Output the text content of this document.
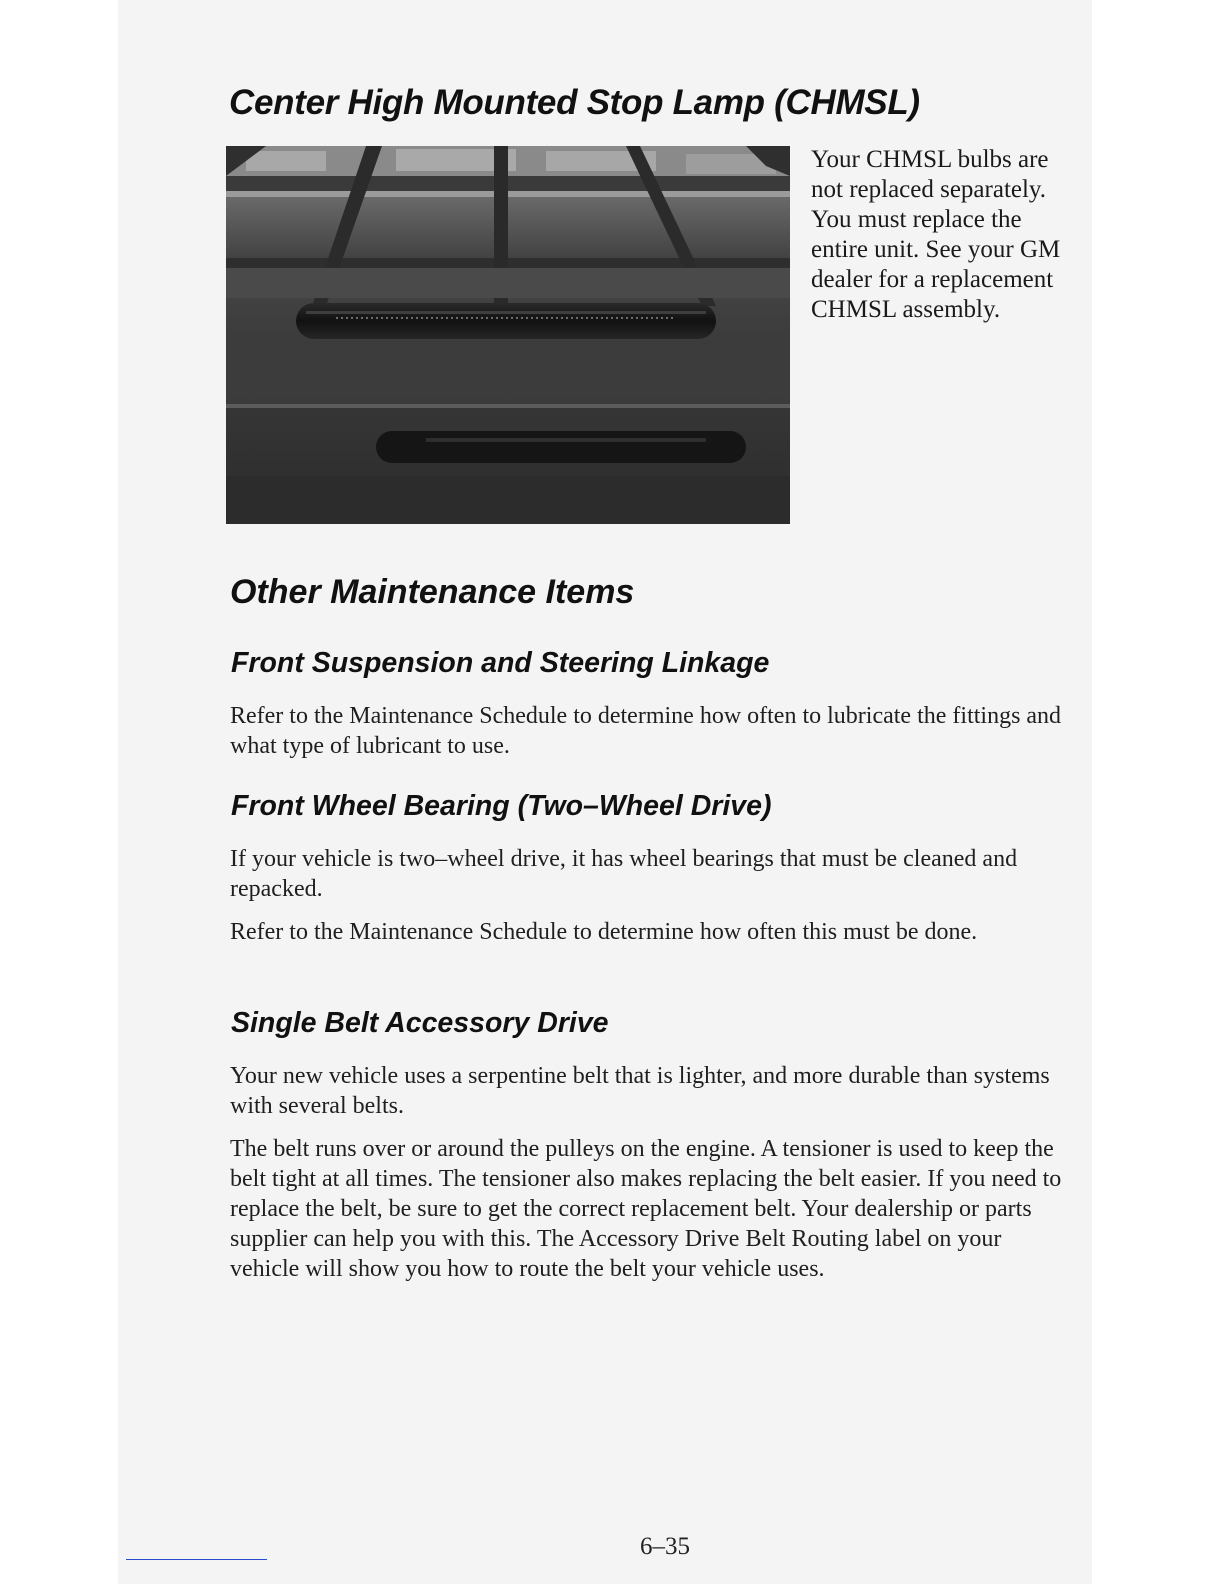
Center High Mounted Stop Lamp (CHMSL)

Your CHMSL bulbs are not replaced separately. You must replace the entire unit. See your GM dealer for a replacement CHMSL assembly.

Other Maintenance Items
Front Suspension and Steering Linkage

Refer to the Maintenance Schedule to determine how often to lubricate the fittings and what type of lubricant to use.

Front Wheel Bearing (Two–Wheel Drive)

If your vehicle is two–wheel drive, it has wheel bearings that must be cleaned and repacked.

Refer to the Maintenance Schedule to determine how often this must be done.

Single Belt Accessory Drive

Your new vehicle uses a serpentine belt that is lighter, and more durable than systems with several belts.

The belt runs over or around the pulleys on the engine. A tensioner is used to keep the belt tight at all times. The tensioner also makes replacing the belt easier. If you need to replace the belt, be sure to get the correct replacement belt. Your dealership or parts supplier can help you with this. The Accessory Drive Belt Routing label on your vehicle will show you how to route the belt your vehicle uses.

6–35
